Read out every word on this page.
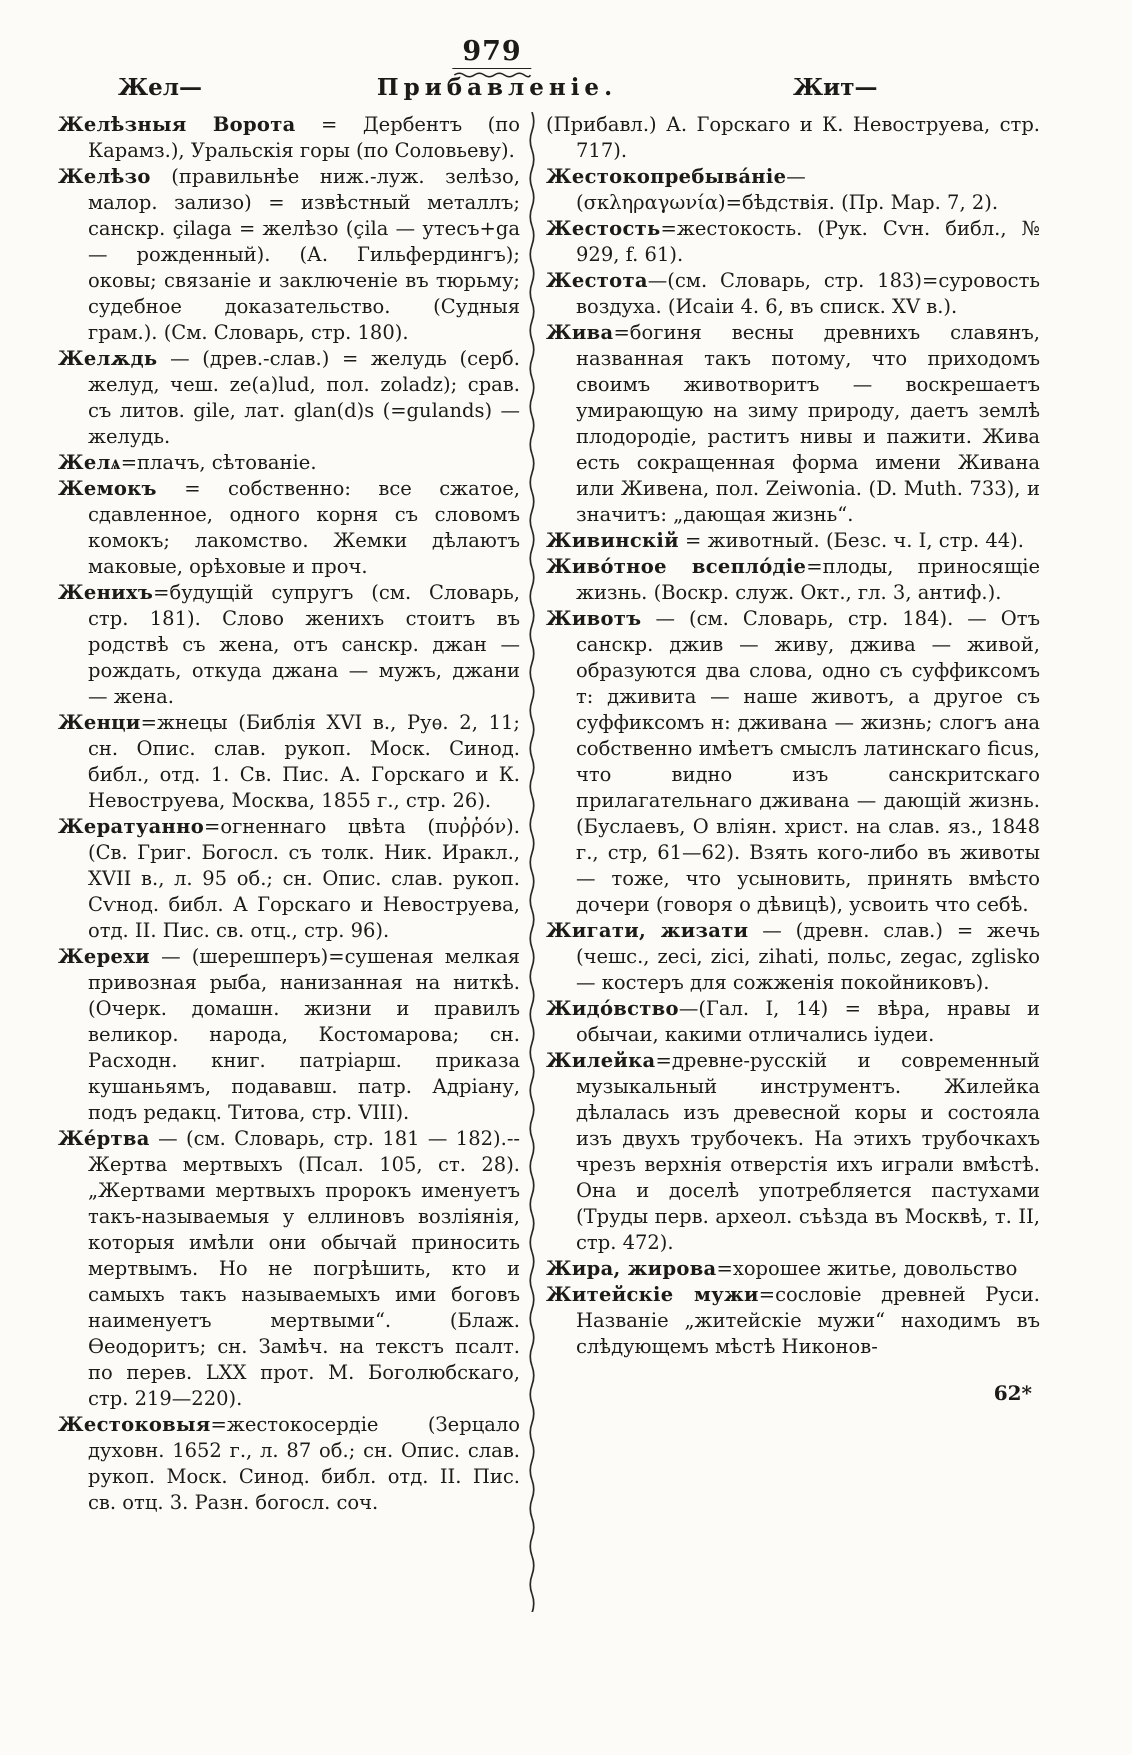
979
Жел—	Прибавленіе.	Жит—

Желѣзныя Ворота = Дербентъ (по Карамз.), Уральскія горы (по Соловьеву).

Желѣзо (правильнѣе ниж.-луж. зелѣзо, малор. зализо) = извѣстный металлъ; санскр. çilaga = желѣзо (çila — утесъ+ga — рожденный). (А. Гильфердингъ); оковы; связаніе и заключеніе въ тюрьму; судебное доказательство. (Судныя грам.). (См. Словарь, стр. 180).

Желѫдь — (древ.-слав.) = желудь (серб. желуд, чеш. ze(a)lud, пол. zoladz); срав. съ литов. gile, лат. glan(d)s (=gulands) — желудь.

Желѧ=плачъ, сѣтованіе.

Жемокъ = собственно: все сжатое, сдавленное, одного корня съ словомъ комокъ; лакомство. Жемки дѣлаютъ маковые, орѣховые и проч.

Женихъ=будущій супругъ (см. Словарь, стр. 181). Слово женихъ стоитъ въ родствѣ съ жена, отъ санскр. джан — рождать, откуда джана — мужъ, джани — жена.

Женци=жнецы (Библія XVI в., Руѳ. 2, 11; сн. Опис. слав. рукоп. Моск. Синод. библ., отд. 1. Св. Пис. А. Горскаго и К. Невоструева, Москва, 1855 г., стр. 26).

Жератуанно=огненнаго цвѣта (πυῤῥόν). (Св. Григ. Богосл. съ толк. Ник. Иракл., XVII в., л. 95 об.; сн. Опис. слав. рукоп. Сѵнод. библ. А Горскаго и Невоструева, отд. II. Пис. св. отц., стр. 96).

Жерехи — (шерешперъ)=сушеная мелкая привозная рыба, нанизанная на ниткѣ. (Очерк. домашн. жизни и правилъ великор. народа, Костомарова; сн. Расходн. книг. патріарш. приказа кушаньямъ, подававш. патр. Адріану, подъ редакц. Титова, стр. VIII).

Же́ртва — (см. Словарь, стр. 181 — 182).-- Жертва мертвыхъ (Псал. 105, ст. 28). „Жертвами мертвыхъ пророкъ именуетъ такъ-называемыя у еллиновъ возліянія, которыя имѣли они обычай приносить мертвымъ. Но не погрѣшить, кто и самыхъ такъ называемыхъ ими боговъ наименуетъ мертвыми“. (Блаж. Ѳеодоритъ; сн. Замѣч. на текстъ псалт. по перев. LXX прот. М. Боголюбскаго, стр. 219—220).

Жестоковыя=жестокосердіе (Зерцало духовн. 1652 г., л. 87 об.; сн. Опис. слав. рукоп. Моск. Синод. библ. отд. II. Пис. св. отц. 3. Разн. богосл. соч.

(Прибавл.) А. Горскаго и К. Невоструева, стр. 717).

Жестокопребыва́ніе—(σκληραγωνία)=бѣдствія. (Пр. Мар. 7, 2).

Жестость=жестокость. (Рук. Сѵн. библ., № 929, f. 61).

Жестота—(см. Словарь, стр. 183)=суровость воздуха. (Исаіи 4. 6, въ списк. XV в.).

Жива=богиня весны древнихъ славянъ, названная такъ потому, что приходомъ своимъ животворитъ — воскрешаетъ умирающую на зиму природу, даетъ землѣ плодородіе, раститъ нивы и пажити. Жива есть сокращенная форма имени Живана или Живена, пол. Zeiwonia. (D. Muth. 733), и значитъ: „дающая жизнь“.

Живинскій = животный. (Безс. ч. I, стр. 44).

Живо́тное всепло́діе=плоды, приносящіе жизнь. (Воскр. служ. Окт., гл. 3, антиф.).

Животъ — (см. Словарь, стр. 184). — Отъ санскр. джив — живу, джива — живой, образуются два слова, одно съ суффиксомъ т: дживита — наше животъ, а другое съ суффиксомъ н: дживана — жизнь; слогъ ана собственно имѣетъ смыслъ латинскаго ficus, что видно изъ санскритскаго прилагательнаго дживана — дающій жизнь. (Буслаевъ, О вліян. христ. на слав. яз., 1848 г., стр, 61—62). Взять кого-либо въ животы — тоже, что усыновить, принять вмѣсто дочери (говоря о дѣвицѣ), усвоить что себѣ.

Жигати, жизати — (древн. слав.) = жечь (чешс., zeci, zici, zihati, польс, zegac, zglisko — костеръ для сожженія покойниковъ).

Жидо́вство—(Гал. I, 14) = вѣра, нравы и обычаи, какими отличались іудеи.

Жилейка=древне-русскій и современный музыкальный инструментъ. Жилейка дѣлалась изъ древесной коры и состояла изъ двухъ трубочекъ. На этихъ трубочкахъ чрезъ верхнія отверстія ихъ играли вмѣстѣ. Она и доселѣ употребляется пастухами (Труды перв. археол. съѣзда въ Москвѣ, т. II, стр. 472).

Жира, жирова=хорошее житье, довольство

Житейскіе мужи=сословіе древней Руси. Названіе „житейскіе мужи“ находимъ въ слѣдующемъ мѣстѣ Никонов-

62*
